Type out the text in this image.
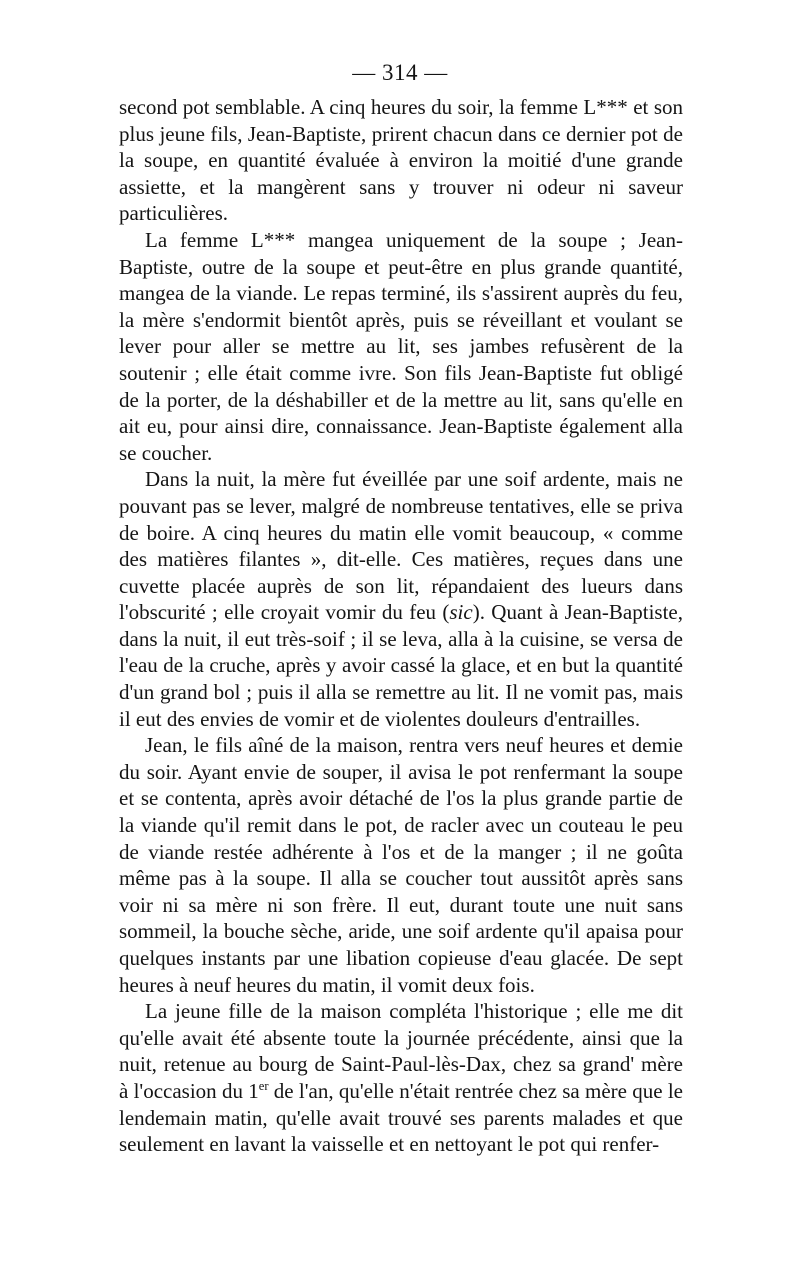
— 314 —

second pot semblable. A cinq heures du soir, la femme L*** et son plus jeune fils, Jean-Baptiste, prirent chacun dans ce dernier pot de la soupe, en quantité évaluée à environ la moitié d'une grande assiette, et la mangèrent sans y trouver ni odeur ni saveur particulières.

La femme L*** mangea uniquement de la soupe ; Jean-Baptiste, outre de la soupe et peut-être en plus grande quantité, mangea de la viande. Le repas terminé, ils s'assirent auprès du feu, la mère s'endormit bientôt après, puis se réveillant et voulant se lever pour aller se mettre au lit, ses jambes refusèrent de la soutenir ; elle était comme ivre. Son fils Jean-Baptiste fut obligé de la porter, de la déshabiller et de la mettre au lit, sans qu'elle en ait eu, pour ainsi dire, connaissance. Jean-Baptiste également alla se coucher.

Dans la nuit, la mère fut éveillée par une soif ardente, mais ne pouvant pas se lever, malgré de nombreuse tentatives, elle se priva de boire. A cinq heures du matin elle vomit beaucoup, « comme des matières filantes », dit-elle. Ces matières, reçues dans une cuvette placée auprès de son lit, répandaient des lueurs dans l'obscurité ; elle croyait vomir du feu (sic). Quant à Jean-Baptiste, dans la nuit, il eut très-soif ; il se leva, alla à la cuisine, se versa de l'eau de la cruche, après y avoir cassé la glace, et en but la quantité d'un grand bol ; puis il alla se remettre au lit. Il ne vomit pas, mais il eut des envies de vomir et de violentes douleurs d'entrailles.

Jean, le fils aîné de la maison, rentra vers neuf heures et demie du soir. Ayant envie de souper, il avisa le pot renfermant la soupe et se contenta, après avoir détaché de l'os la plus grande partie de la viande qu'il remit dans le pot, de racler avec un couteau le peu de viande restée adhérente à l'os et de la manger ; il ne goûta même pas à la soupe. Il alla se coucher tout aussitôt après sans voir ni sa mère ni son frère. Il eut, durant toute une nuit sans sommeil, la bouche sèche, aride, une soif ardente qu'il apaisa pour quelques instants par une libation copieuse d'eau glacée. De sept heures à neuf heures du matin, il vomit deux fois.

La jeune fille de la maison compléta l'historique ; elle me dit qu'elle avait été absente toute la journée précédente, ainsi que la nuit, retenue au bourg de Saint-Paul-lès-Dax, chez sa grand' mère à l'occasion du 1er de l'an, qu'elle n'était rentrée chez sa mère que le lendemain matin, qu'elle avait trouvé ses parents malades et que seulement en lavant la vaisselle et en nettoyant le pot qui renfer-
